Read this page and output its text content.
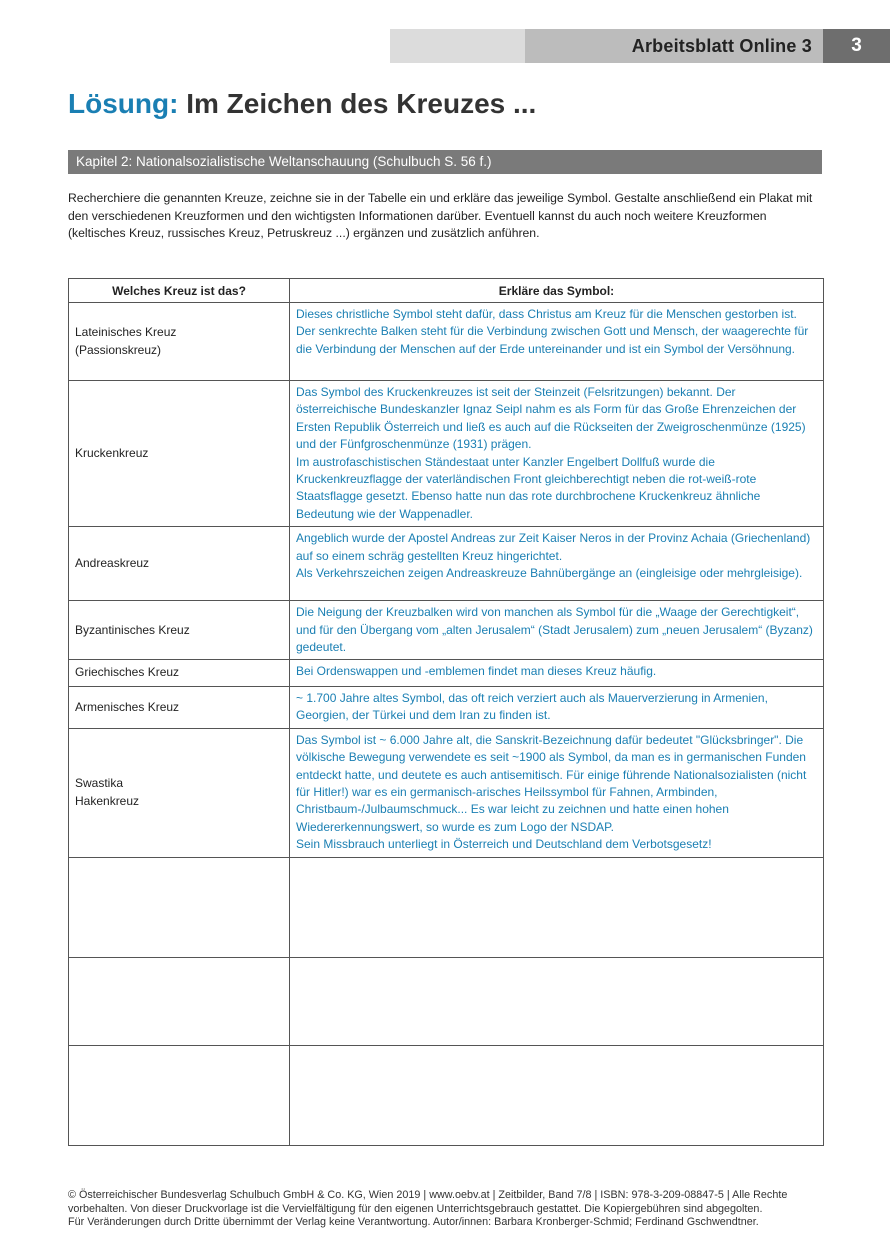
Arbeitsblatt Online 3	3
Lösung: Im Zeichen des Kreuzes ...
Kapitel 2: Nationalsozialistische Weltanschauung (Schulbuch S. 56 f.)
Recherchiere die genannten Kreuze, zeichne sie in der Tabelle ein und erkläre das jeweilige Symbol. Gestalte anschließend ein Plakat mit den verschiedenen Kreuzformen und den wichtigsten Informationen darüber. Eventuell kannst du auch noch weitere Kreuzformen (keltisches Kreuz, russisches Kreuz, Petruskreuz ...) ergänzen und zusätzlich anführen.
Welches Kreuz ist das?	Erkläre das Symbol:

Lateinisches Kreuz
(Passionskreuz)	Dieses christliche Symbol steht dafür, dass Christus am Kreuz für die Menschen gestorben ist. Der senkrechte Balken steht für die Verbindung zwischen Gott und Mensch, der waagerechte für die Verbindung der Menschen auf der Erde untereinander und ist ein Symbol der Versöhnung.

Kruckenkreuz	Das Symbol des Kruckenkreuzes ist seit der Steinzeit (Felsritzungen) bekannt. Der österreichische Bundeskanzler Ignaz Seipl nahm es als Form für das Große Ehrenzeichen der Ersten Republik Österreich und ließ es auch auf die Rückseiten der Zweigroschenmünze (1925) und der Fünfgroschenmünze (1931) prägen.
Im austrofaschistischen Ständestaat unter Kanzler Engelbert Dollfuß wurde die Kruckenkreuzflagge der vaterländischen Front gleichberechtigt neben die rot-weiß-rote Staatsflagge gesetzt. Ebenso hatte nun das rote durchbrochene Kruckenkreuz ähnliche Bedeutung wie der Wappenadler.

Andreaskreuz	Angeblich wurde der Apostel Andreas zur Zeit Kaiser Neros in der Provinz Achaia (Griechenland) auf so einem schräg gestellten Kreuz hingerichtet.
Als Verkehrszeichen zeigen Andreaskreuze Bahnübergänge an (eingleisige oder mehrgleisige).

Byzantinisches Kreuz	Die Neigung der Kreuzbalken wird von manchen als Symbol für die „Waage der Gerechtigkeit“, und für den Übergang vom „alten Jerusalem“ (Stadt Jerusalem) zum „neuen Jerusalem“ (Byzanz) gedeutet.

Griechisches Kreuz	Bei Ordenswappen und -emblemen findet man dieses Kreuz häufig.

Armenisches Kreuz	~ 1.700 Jahre altes Symbol, das oft reich verziert auch als Mauerverzierung in Armenien, Georgien, der Türkei und dem Iran zu finden ist.

Swastika
Hakenkreuz	Das Symbol ist ~ 6.000 Jahre alt, die Sanskrit-Bezeichnung dafür bedeutet "Glücksbringer". Die völkische Bewegung verwendete es seit ~1900 als Symbol, da man es in germanischen Funden entdeckt hatte, und deutete es auch antisemitisch. Für einige führende Nationalsozialisten (nicht für Hitler!) war es ein germanisch-arisches Heilssymbol für Fahnen, Armbinden, Christbaum-/Julbaumschmuck... Es war leicht zu zeichnen und hatte einen hohen Wiedererkennungswert, so wurde es zum Logo der NSDAP.
Sein Missbrauch unterliegt in Österreich und Deutschland dem Verbotsgesetz!

© Österreichischer Bundesverlag Schulbuch GmbH & Co. KG, Wien 2019 | www.oebv.at | Zeitbilder, Band 7/8 | ISBN: 978-3-209-08847-5 | Alle Rechte vorbehalten. Von dieser Druckvorlage ist die Vervielfältigung für den eigenen Unterrichtsgebrauch gestattet. Die Kopiergebühren sind abgegolten.
Für Veränderungen durch Dritte übernimmt der Verlag keine Verantwortung. Autor/innen: Barbara Kronberger-Schmid; Ferdinand Gschwendtner.
